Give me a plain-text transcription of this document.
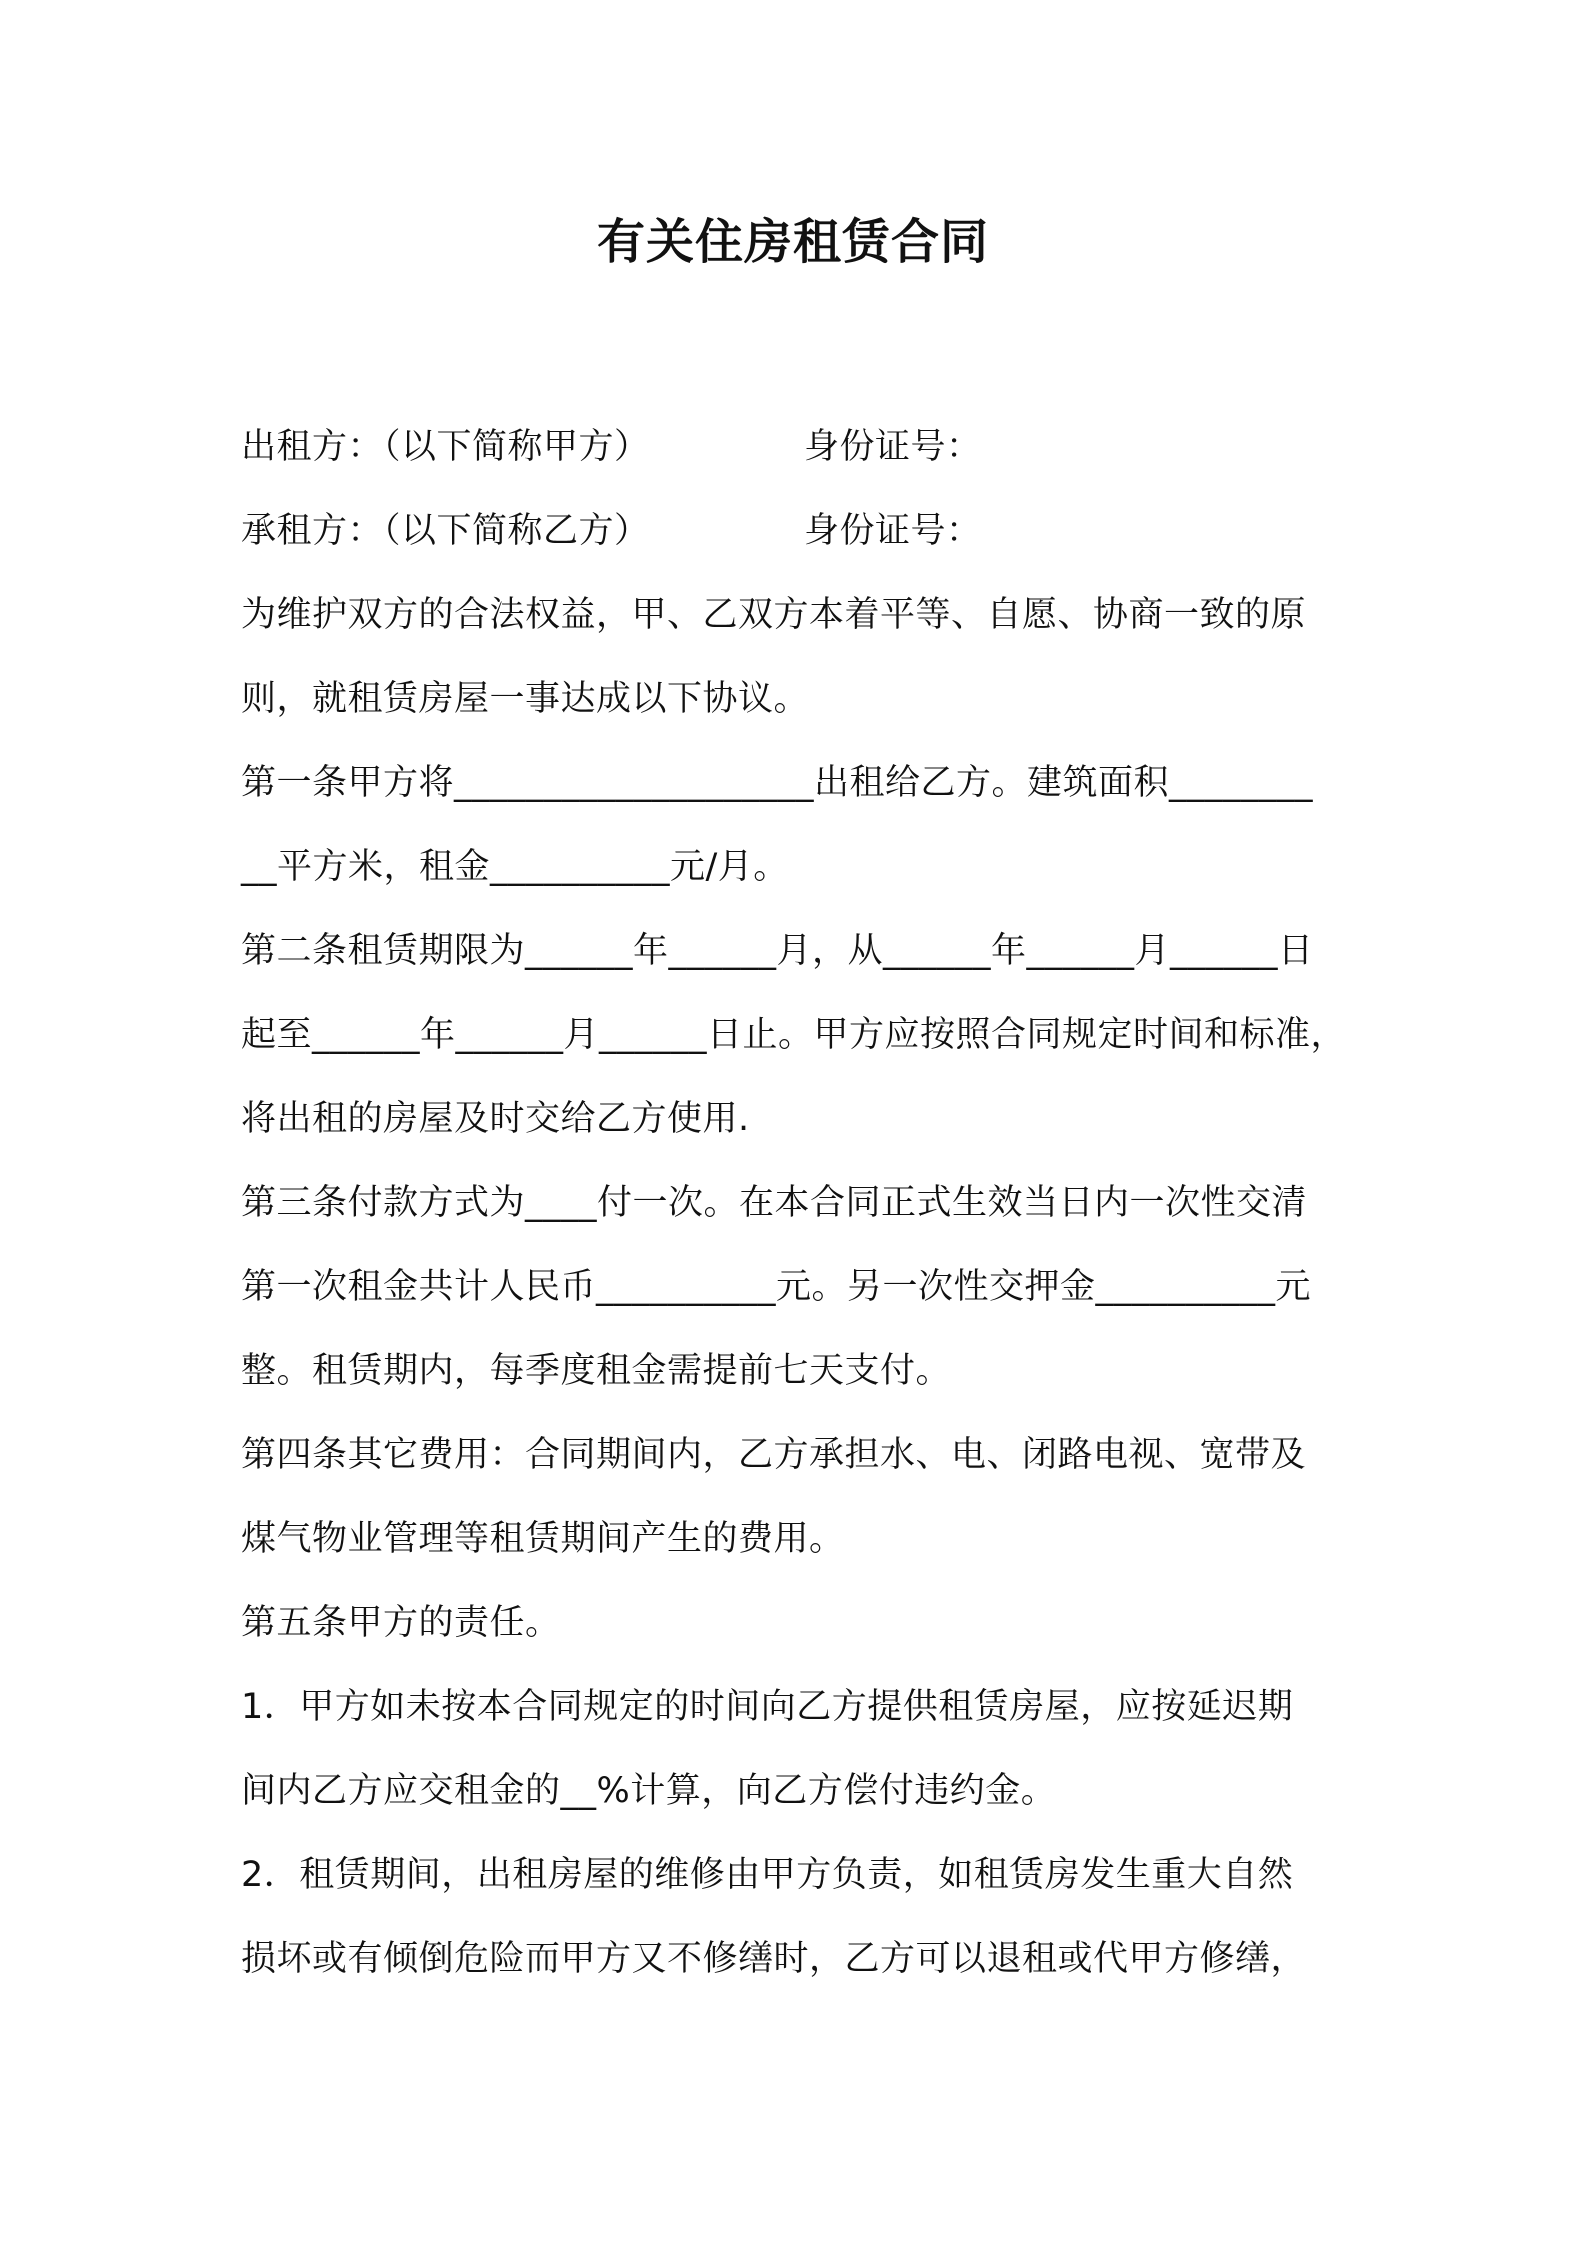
有关住房租赁合同
出租方：（以下简称甲方）	身份证号：
承租方：（以下简称乙方）	身份证号：
为维护双方的合法权益，甲、乙双方本着平等、自愿、协商一致的原
则，就租赁房屋一事达成以下协议。
第一条甲方将____________________出租给乙方。建筑面积________
__平方米，租金__________元/月。
第二条租赁期限为______年______月，从______年______月______日
起至______年______月______日止。甲方应按照合同规定时间和标准，
将出租的房屋及时交给乙方使用.
第三条付款方式为____付一次。在本合同正式生效当日内一次性交清
第一次租金共计人民币__________元。另一次性交押金__________元
整。租赁期内，每季度租金需提前七天支付。
第四条其它费用：合同期间内，乙方承担水、电、闭路电视、宽带及
煤气物业管理等租赁期间产生的费用。
第五条甲方的责任。
1．甲方如未按本合同规定的时间向乙方提供租赁房屋，应按延迟期
间内乙方应交租金的__%计算，向乙方偿付违约金。
2．租赁期间，出租房屋的维修由甲方负责，如租赁房发生重大自然
损坏或有倾倒危险而甲方又不修缮时，乙方可以退租或代甲方修缮，
